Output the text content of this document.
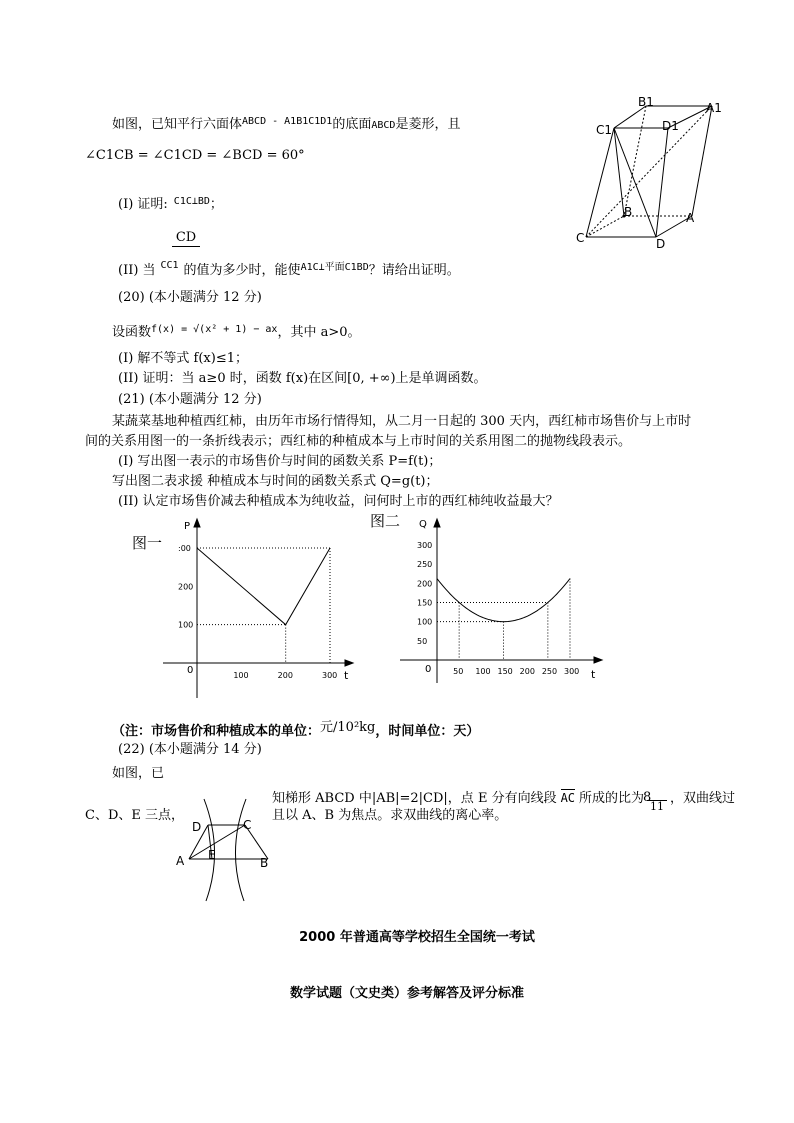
如图，已知平行六面体$^{ABCD - A1B1C1D1}$的底面ABCD是菱形，且
∠C1CB = ∠C1CD = ∠BCD = 60°
(I) 证明: $^{C1C\perp BD}$；
CD
(II) 当 CC1 的值为多少时，能使$^{A1C\perp 平面C1BD}$？请给出证明。
B1	A1
C1	D1
B	A
C	D
(20) (本小题满分 12 分)
设函数$^{f(x) = √(x^2 + 1) - ax}$，其中 a>0。
(I) 解不等式 f(x)≤1；
(II) 证明：当 a≥0 时，函数 f(x)在区间[0, +∞)上是单调函数。
(21) (本小题满分 12 分)
某蔬菜基地种植西红柿，由历年市场行情得知，从二月一日起的 300 天内，西红柿市场售价与上市时
间的关系用图一的一条折线表示；西红柿的种植成本与上市时间的关系用图二的抛物线段表示。
(I) 写出图一表示的市场售价与时间的函数关系 P=f(t)；
写出图二表求援 种植成本与时间的函数关系式 Q=g(t)；
(II) 认定市场售价减去种植成本为纯收益，问何时上市的西红柿纯收益最大？
图一
100	200	300
100
200
:00
P
t
0
图二
50 100 150 200 250 300
50
100
150
200
250
300
Q
t
0
（注：市场售价和种植成本的单位：元/10²kg，时间单位：天）
(22) (本小题满分 14 分)
如图，已
8
知梯形 ABCD 中|AB|=2|CD|，点 E 分有向线段 AC 所成的比为11，双曲线过
C、D、E 三点，	且以 A、B 为焦点。求双曲线的离心率。
D	C
E
A	B
2000 年普通高等学校招生全国统一考试
数学试题（文史类）参考解答及评分标准
